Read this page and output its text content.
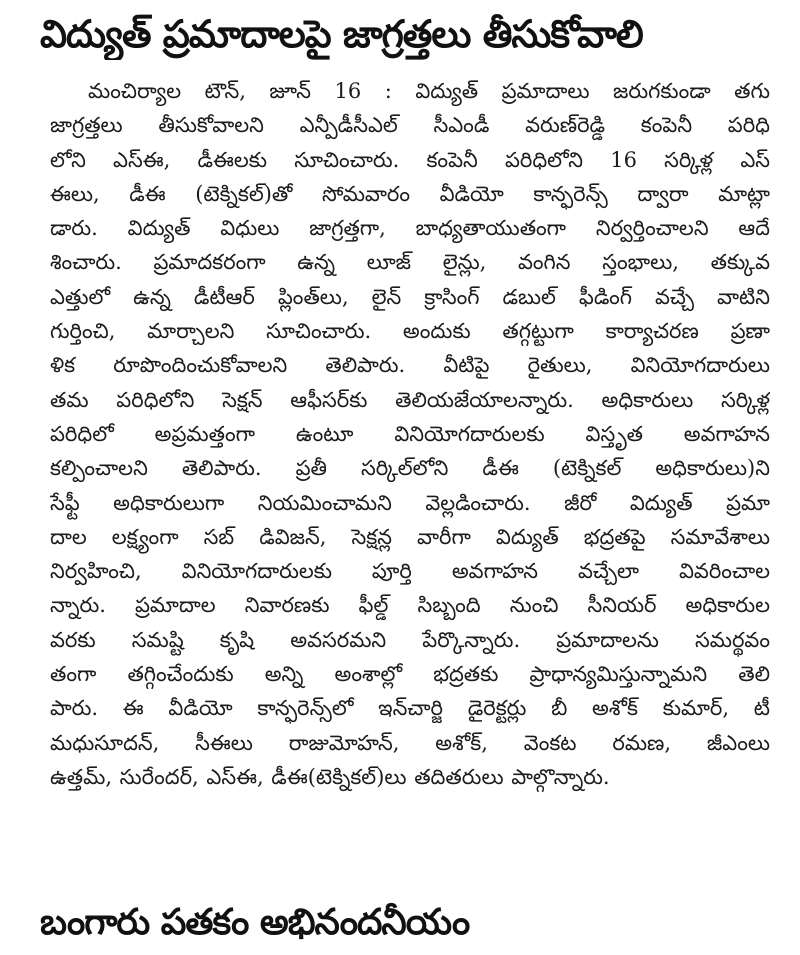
విద్యుత్ ప్రమాదాలపై జాగ్రత్తలు తీసుకోవాలి
మంచిర్యాల టౌన్, జూన్ 16 : విద్యుత్ ప్రమాదాలు జరుగకుండా తగు
జాగ్రత్తలు తీసుకోవాలని ఎన్పీడీసీఎల్ సీఎండీ వరుణ్‌రెడ్డి కంపెనీ పరిధి
లోని ఎస్ఈ, డీఈలకు సూచించారు. కంపెనీ పరిధిలోని 16 సర్కిళ్ల ఎస్
ఈలు, డీఈ (టెక్నికల్)తో సోమవారం వీడియో కాన్ఫరెన్స్ ద్వారా మాట్లా
డారు. విద్యుత్ విధులు జాగ్రత్తగా, బాధ్యతాయుతంగా నిర్వర్తించాలని ఆదే
శించారు. ప్రమాదకరంగా ఉన్న లూజ్ లైన్లు, వంగిన స్తంభాలు, తక్కువ
ఎత్తులో ఉన్న డీటీఆర్ ప్లింత్‌లు, లైన్ క్రాసింగ్ డబుల్ ఫీడింగ్ వచ్చే వాటిని
గుర్తించి, మార్చాలని సూచించారు. అందుకు తగ్గట్టుగా కార్యాచరణ ప్రణా
ళిక రూపొందించుకోవాలని తెలిపారు. వీటిపై రైతులు, వినియోగదారులు
తమ పరిధిలోని సెక్షన్ ఆఫీసర్‌కు తెలియజేయాలన్నారు. అధికారులు సర్కిళ్ల
పరిధిలో అప్రమత్తంగా ఉంటూ వినియోగదారులకు విస్తృత అవగాహన
కల్పించాలని తెలిపారు. ప్రతీ సర్కిల్‌లోని డీఈ (టెక్నికల్ అధికారులు)ని
సేఫ్టీ అధికారులుగా నియమించామని వెల్లడించారు. జీరో విద్యుత్ ప్రమా
దాల లక్ష్యంగా సబ్ డివిజన్, సెక్షన్ల వారీగా విద్యుత్ భద్రతపై సమావేశాలు
నిర్వహించి, వినియోగదారులకు పూర్తి అవగాహన వచ్చేలా వివరించాల
న్నారు. ప్రమాదాల నివారణకు ఫీల్డ్ సిబ్బంది నుంచి సీనియర్ అధికారుల
వరకు సమష్టి కృషి అవసరమని పేర్కొన్నారు. ప్రమాదాలను సమర్థవం
తంగా తగ్గించేందుకు అన్ని అంశాల్లో భద్రతకు ప్రాధాన్యమిస్తున్నామని తెలి
పారు. ఈ వీడియో కాన్ఫరెన్స్‌లో ఇన్‌చార్జి డైరెక్టర్లు బీ అశోక్ కుమార్, టీ
మధుసూదన్, సీఈలు రాజుమోహన్, అశోక్, వెంకట రమణ, జీఎంలు
ఉత్తమ్, సురేందర్, ఎస్ఈ, డీఈ(టెక్నికల్)లు తదితరులు పాల్గొన్నారు.
బంగారు పతకం అభినందనీయం
